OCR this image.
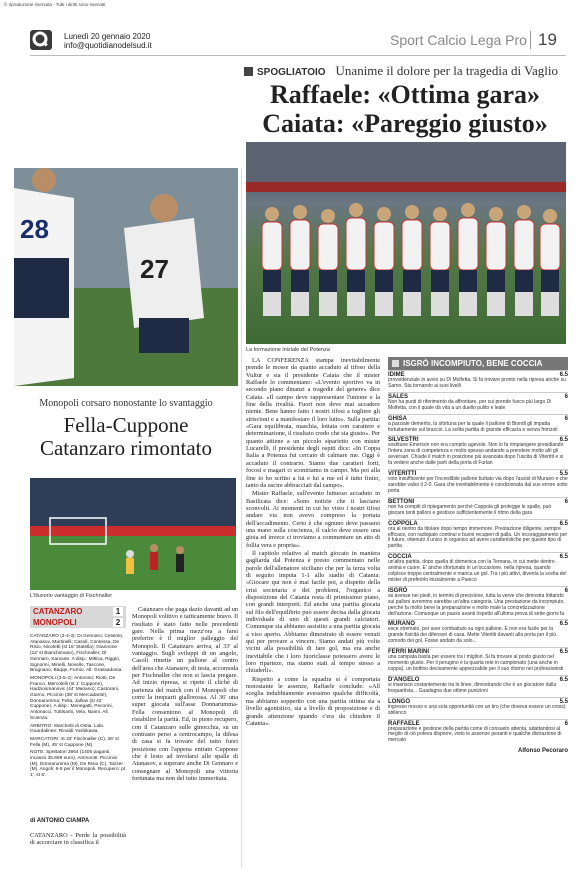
© riproduzione riservata · Tutti i diritti sono riservati
Lunedì 20 gennaio 2020
info@quotidianodelsud.it	Sport Calcio Lega Pro 19
SPOGLIATOIO Unanime il dolore per la tragedia di Vaglio
Raffaele: «Ottima gara»
Caiata: «Pareggio giusto»
La formazione iniziale del Potenza

LA CONFERENZA stampa inevitabilmente prende le mosse da quanto accaduto al tifoso della Vultur e sia il presidente Caiata che il mister Raffaele lo commentano: «L'evento sportivo va in secondo piano dinanzi a tragedie del genere» dice Caiata. «Il campo deve rappresentare l'unione e la fine della rivalità. Fuori non deve mai accadere niente. Bene hanno fatto i nostri tifosi a togliere gli striscioni e a manifestare il loro lutto». Sulla partita: «Gara equilibrata, maschia, lottata con carattere e determinazione, il risultato credo che sia giusto». Per quanto attiene a un piccolo siparietto con mister Lucarelli, il presidente degli ospiti dice: «In Coppa Italia a Potenza fui cercato di calmare me. Oggi è accaduto il contrario. Siamo due caratteri forti, focosi e magari ci scontriamo in campo. Ma poi alla fine io ho scritto a lui e lui a me ed è tutto finito, tanto da uscire abbracciati dal campo».

Mister Raffaele, sull'evento luttuoso accaduto in Basilicata dice: «Sono notizie che ti lasciano sconvolti. Ai momenti in cui ho visto i nostri tifosi andare via non avevo compreso la portata dell'accadimento. Certo è che ognuno deve passarsi una mano sulla coscienza, il calcio deve essere una gioia ed invece ci troviamo a commentare un atto di follia vera e propria».

Il capitolo relativo al match giocato in maniera gagliarda dal Potenza è presto commentato nelle parole dell'allenatore siciliano che per la terza volta di seguito imputa 1-1 allo stadio di Catania: «Giocare qui non è mai facile poi, a dispetto della crisi societaria e dei problemi, l'organico a disposizione del Catania resta di primissimo piano, con grandi interpreti. Ed anche una partita giocata sul filo dell'equilibrio può essere decisa dalla giocata individuale di uno di questi grandi calciatori. Comunque sia abbiamo assistito a una partita giocata a viso aperto. Abbiamo dimostrato di essere venuti qui per provare a vincere. Siamo andati più volte vicini alla possibilità di fare gol, ma era anche inevitabile che i loro fuoriclasse potessero avere le loro riparteze, ma siamo stati al tempo stesso a chiuderli».

Rispetto a come la squadra si è comportata nonostante le assenze, Raffaele conclude: «All sceglia indubbiamente avessimo qualche difficoltà, ma abbiamo sopperito con una partita ottima sia a livello agonistico, sia a livello di proposizione e di grande attenzione quando c'era da chiudere il Catania».

ISGRÒ INCOMPIUTO, BENE COCCIA
IDIME	6.5
provvidenziale in avvio su Di Molfetta. Si fa trovare pronto nella ripresa anche su Sarno. Sta tornando ai suoi livelli
SALES	6
Non ha punti di riferimento da affrontare, per cui prende fuoco più largo Di Molfetta, con il quale dà vita a un duello pulito e leale
GHISA	6
a parziale demerito, la sfortuna per la quale il pallone di Biondi gli impatta fortuitamente sul braccio. La solita partita di grande efficacia e senza fronzoli
SILVESTRI	6.5
sostituire Emerson non era compito agevole. Non lo fa rimpiangere presidiando l'intera zona di competenza e molto spesso andando a prendere molto alti gli avversari. Chiude il match in posizione più avanzata dopo l'uscita di Viteritti e si fa vedere anche dalle parti della porta di Furlan
VITERITTI	5.5
voto insufficiente per l'incredibile pallone buttato via dopo l'assist di Murano e che sarebbe valso il 2-0. Gara che inevitabilmente è condizionata dal suo errore sotto porta
BETTONI	6
non ha compiti di ripiegamento perché Coppola gli protegge le spalle, può giocare tanti palloni e gestisce sufficientemente il ritmo della gara
COPPOLA	6.5
ora al rientro da titolare dopo tempo immemore. Prestazione diligente, sempre efficace, con radiopalo continui e buoni recuperi di palla. Un incoraggiamento per il futuro, ottenuto il unico in organico ad avere caratteristiche per questo tipo di partita
COCCIA	6.5
un'altra partita, dopo quella di domenica con la Ternana, in cui mette dentro anima e cuore. E' anche sfortunato in un'occasione, nella ripresa, quando colpisce troppo centralmente e manca un gol. Tra i più attivi, diventa la scelta del mister di preferirlo inizialmente a Panico
ISGRÒ	6
se avesse nei piedi, in termini di precisione, tutta la verve che dimostra lottando sui palloni avremmo sarebbe un'altra categoria. Una prestazione da incompiuto, perché fa molto bene la preparazione e molto male la concretizzazione dell'azione. Comunque un passo avanti rispetto all'ultima prova di sette giorni fa
MURANO	6.5
esce stremato, per aver combattuto su ogni pallone. E non era facile per la grande fisicità dei difensori di casa. Mette Viteritti davanti alla porta per il più comodo dei gol, Fosse andato da solo...
FERRI MARINI	6.5
una campata basta per essere tra i migliori. Si fa trovare al posto giusto nel momento giusto. Per il perugino è la quarta rete in campionato (una anche in coppa), un bottino decisamente apprezzabile per il suo ritorno nei professionisti
D'ANGELO	6.5
si inserisce costantemente tra le linee, dimostrando che è un giocatore dalla trequartista... Guadagna due ottime punizioni
LONGO	5.5
ingresso mosso e una sola opportunità con un tiro (che doveva essere un cross) sbilenco
RAFFAELE	6
preparazione e gestione della partita come di consueto attenta, adattandosi al meglio di ciò poteva disporre, visto le assenze pesanti e qualche distrazione di mercato
Alfonso Pecoraro
28
27
Monopoli corsaro nonostante lo svantaggio
Fella-Cuppone
Catanzaro rimontato
L'illusorio vantaggio di Fischnaller
CATANZARO	1
MONOPOLI	2

CATANZARO (3-4-3): Di Gennaro; Celiento, Atanasov, Martinelli; Casoli, Contessa, De Risio, Nicoletti (st 15' Statella); Giannone (12' st Bianchimano), Fischnaller, Di Gennaro, Kanoute. A disp.: Mittica, Riggio, Signorini, Minelli, Novello, Tascone, Brugnano, Baqqe, Furnio. All. Grassadonia.

MONOPOLI (3-5-2): Antonino; Riotti, De Franco, Mercolelli (st 1' Cuppone), Hadziosmanovic (44' Mariano); Castorani, Giorno, Piccinin (38' st Mercadante), Donnarumma; Fella, Jallow (st 42' Cuppone). A disp.: Menegatti, Pecorini, Antonacci, Tuttisanti, Vela, Naimi. All. Scienza.

ARBITRO: Marchetti di Ostia. Lido. Guardalinee: Rinaldi Yoshikawa.

MARCATORI: st 33' Fischnaller (C), 36' st Fella (M), 45' st Cuppone (M).

NOTE: Spettatori 3864 (1405 paganti, incasso 35.699 euro). Ammoniti: Piccinini (M), Donnarumma (M), De Risio (C), Tazzer (M). Angoli: 6-5 per il Monopoli. Recupero: pt 1', st 5'.

di ANTONIO CIAMPA
CATANZARO - Perde la possibilità di accorciare in classifica il

Catanzaro che paga dazio davanti ad un Monopoli volitivo e tatticamente bravo. Il risultato è stato fatto nelle precedenti gare. Nella prima mezz'ora a farsi preferire è il miglior palleggio del Monopoli. Il Catanzaro arriva, al 33' al vantaggio. Sugli sviluppi di un angolo, Casoli rimette un pallone al centro dell'area che Atanasov, di testa, accomoda per Fischnaller che non si lascia pregare. Ad inizio ripresa, si ripete il clichè di partenza del match con il Monopoli che corre la trequarti giallorossa. Al 36' una super giocata sull'asse Donnarumma-Fella consentono al Monopoli di ristabilire la parità. Ed, in pieno recupero, con il Catanzaro sulle ginocchia, su un contrasto perso a centrocampo, la difesa di casa si fa trovare del tutto fuori posizione con l'appena entrato Cuppone che è lesto ad involarsi alle spalle di Atanasov, a superare anche Di Gennaro e consegnare al Monopoli una vittoria fortunata ma non del tutto immeritata.
